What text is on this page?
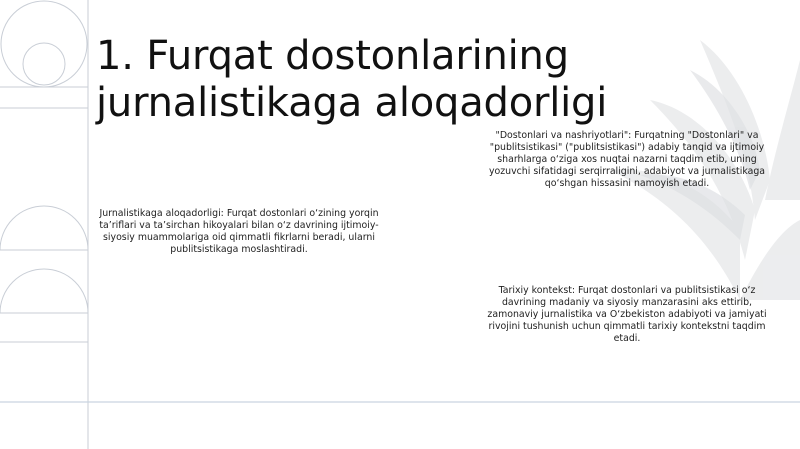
1. Furqat dostonlarining jurnalistikaga aloqadorligi
Jurnalistikaga aloqadorligi: Furqat dostonlari o‘zining yorqin ta’riflari va ta’sirchan hikoyalari bilan o‘z davrining ijtimoiy-siyosiy muammolariga oid qimmatli fikrlarni beradi, ularni publitsistikaga moslashtiradi.
"Dostonlari va nashriyotlari": Furqatning "Dostonlari" va "publitsistikasi" ("publitsistikasi") adabiy tanqid va ijtimoiy sharhlarga o‘ziga xos nuqtai nazarni taqdim etib, uning yozuvchi sifatidagi serqirraligini, adabiyot va jurnalistikaga qo‘shgan hissasini namoyish etadi.
Tarixiy kontekst: Furqat dostonlari va publitsistikasi o‘z davrining madaniy va siyosiy manzarasini aks ettirib, zamonaviy jurnalistika va O‘zbekiston adabiyoti va jamiyati rivojini tushunish uchun qimmatli tarixiy kontekstni taqdim etadi.
